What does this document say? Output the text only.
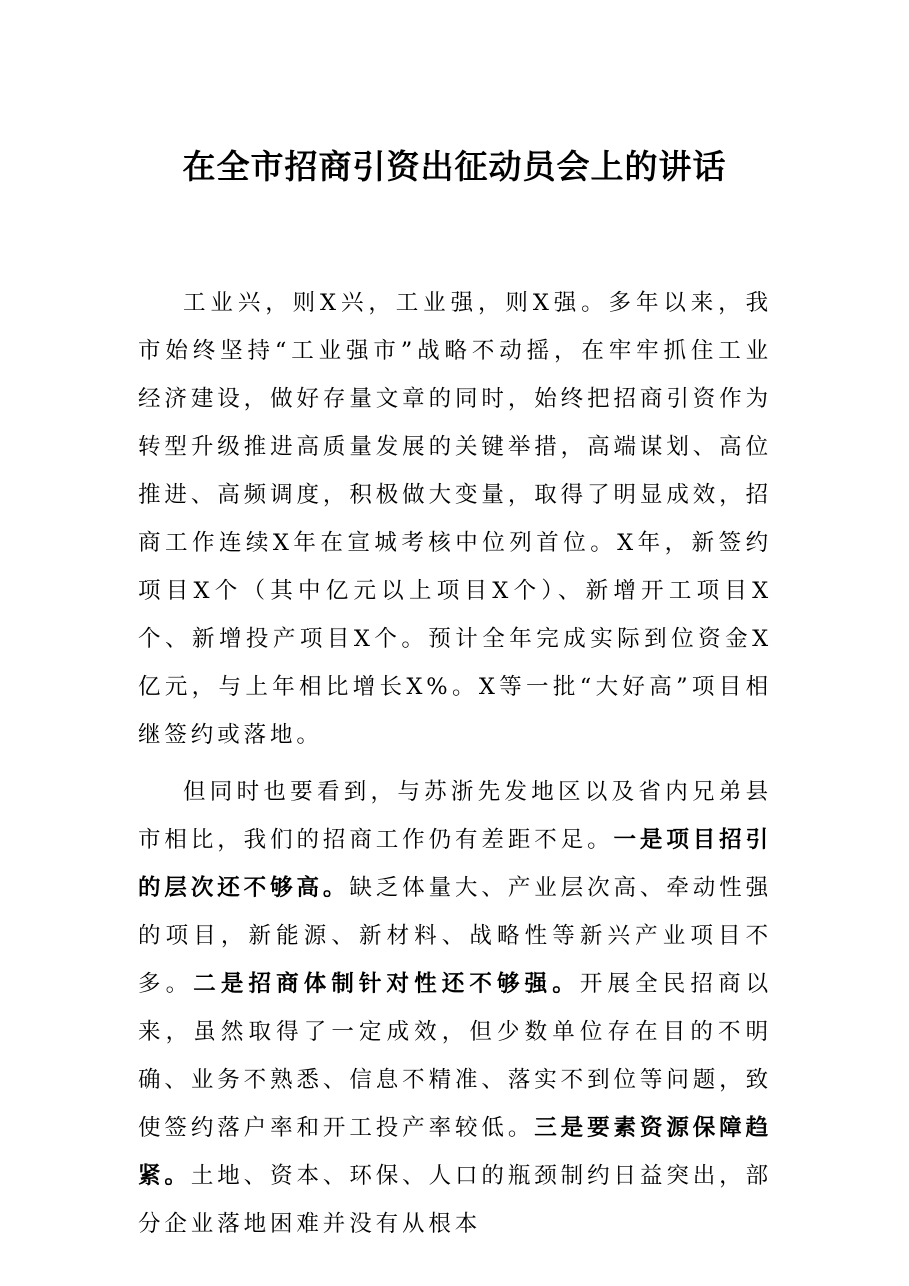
在全市招商引资出征动员会上的讲话

工业兴，则X兴，工业强，则X强。多年以来，我市始终坚持“工业强市”战略不动摇，在牢牢抓住工业经济建设，做好存量文章的同时，始终把招商引资作为转型升级推进高质量发展的关键举措，高端谋划、高位推进、高频调度，积极做大变量，取得了明显成效，招商工作连续X年在宣城考核中位列首位。X年，新签约项目X个（其中亿元以上项目X个）、新增开工项目X个、新增投产项目X个。预计全年完成实际到位资金X亿元，与上年相比增长X%。X等一批“大好高”项目相继签约或落地。

但同时也要看到，与苏浙先发地区以及省内兄弟县市相比，我们的招商工作仍有差距不足。一是项目招引的层次还不够高。缺乏体量大、产业层次高、牵动性强的项目，新能源、新材料、战略性等新兴产业项目不多。二是招商体制针对性还不够强。开展全民招商以来，虽然取得了一定成效，但少数单位存在目的不明确、业务不熟悉、信息不精准、落实不到位等问题，致使签约落户率和开工投产率较低。三是要素资源保障趋紧。土地、资本、环保、人口的瓶颈制约日益突出，部分企业落地困难并没有从根本
